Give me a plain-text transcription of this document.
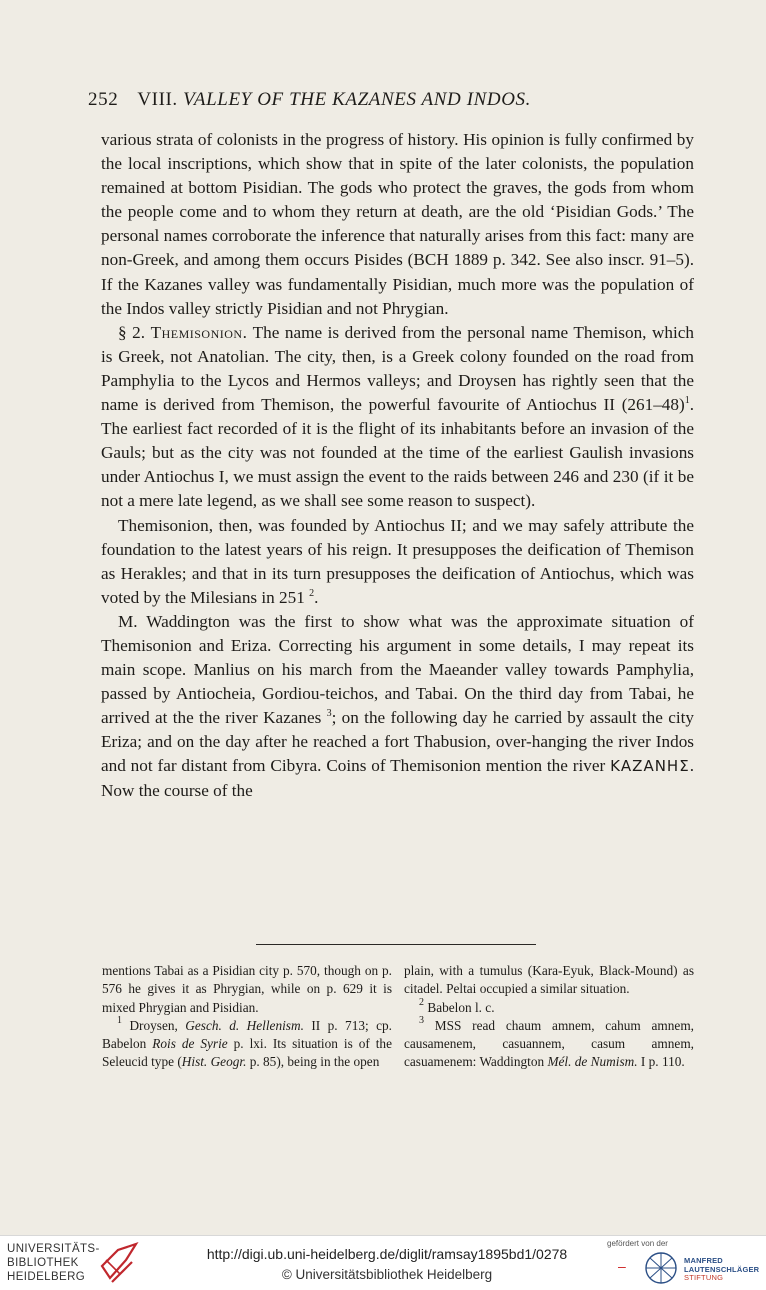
252 VIII. VALLEY OF THE KAZANES AND INDOS.

various strata of colonists in the progress of history. His opinion is fully confirmed by the local inscriptions, which show that in spite of the later colonists, the population remained at bottom Pisidian. The gods who protect the graves, the gods from whom the people come and to whom they return at death, are the old ‘Pisidian Gods.’ The personal names corroborate the inference that naturally arises from this fact: many are non-Greek, and among them occurs Pisides (BCH 1889 p. 342. See also inscr. 91–5). If the Kazanes valley was fundamentally Pisidian, much more was the population of the Indos valley strictly Pisidian and not Phrygian.

§ 2. Themisonion. The name is derived from the personal name Themison, which is Greek, not Anatolian. The city, then, is a Greek colony founded on the road from Pamphylia to the Lycos and Hermos valleys; and Droysen has rightly seen that the name is derived from Themison, the powerful favourite of Antiochus II $(261-48)^1$. The earliest fact recorded of it is the flight of its inhabitants before an invasion of the Gauls; but as the city was not founded at the time of the earliest Gaulish invasions under Antiochus I, we must assign the event to the raids between 246 and 230 (if it be not a mere late legend, as we shall see some reason to suspect).

Themisonion, then, was founded by Antiochus II; and we may safely attribute the foundation to the latest years of his reign. It presupposes the deification of Themison as Herakles; and that in its turn presupposes the deification of Antiochus, which was voted by the Milesians in 251 $^2$.

M. Waddington was the first to show what was the approximate situation of Themisonion and Eriza. Correcting his argument in some details, I may repeat its main scope. Manlius on his march from the Maeander valley towards Pamphylia, passed by Antiocheia, Gordiou-teichos, and Tabai. On the third day from Tabai, he arrived at the the river Kazanes $^3$; on the following day he carried by assault the city Eriza; and on the day after he reached a fort Thabusion, over-hanging the river Indos and not far distant from Cibyra. Coins of Themisonion mention the river ΚΑΖΑΝΗΣ. Now the course of the

mentions Tabai as a Pisidian city p. 570, though on p. 576 he gives it as Phrygian, while on p. 629 it is mixed Phrygian and Pisidian.

$^1$ Droysen, Gesch. d. Hellenism. II p. 713; cp. Babelon Rois de Syrie p. lxi. Its situation is of the Seleucid type (Hist. Geogr. p. 85), being in the open

plain, with a tumulus (Kara-Eyuk, Black-Mound) as citadel. Peltai occupied a similar situation.

$^2$ Babelon l. c.

$^3$ MSS read chaum amnem, cahum amnem, causamenem, casuannem, casum amnem, casuamenem: Waddington Mél. de Numism. I p. 110.

UNIVERSITÄTS-
BIBLIOTHEK
HEIDELBERG
http://digi.ub.uni-heidelberg.de/diglit/ramsay1895bd1/0278
© Universitätsbibliothek Heidelberg
gefördert von der
–	MANFRED
LAUTENSCHLÄGER
STIFTUNG
